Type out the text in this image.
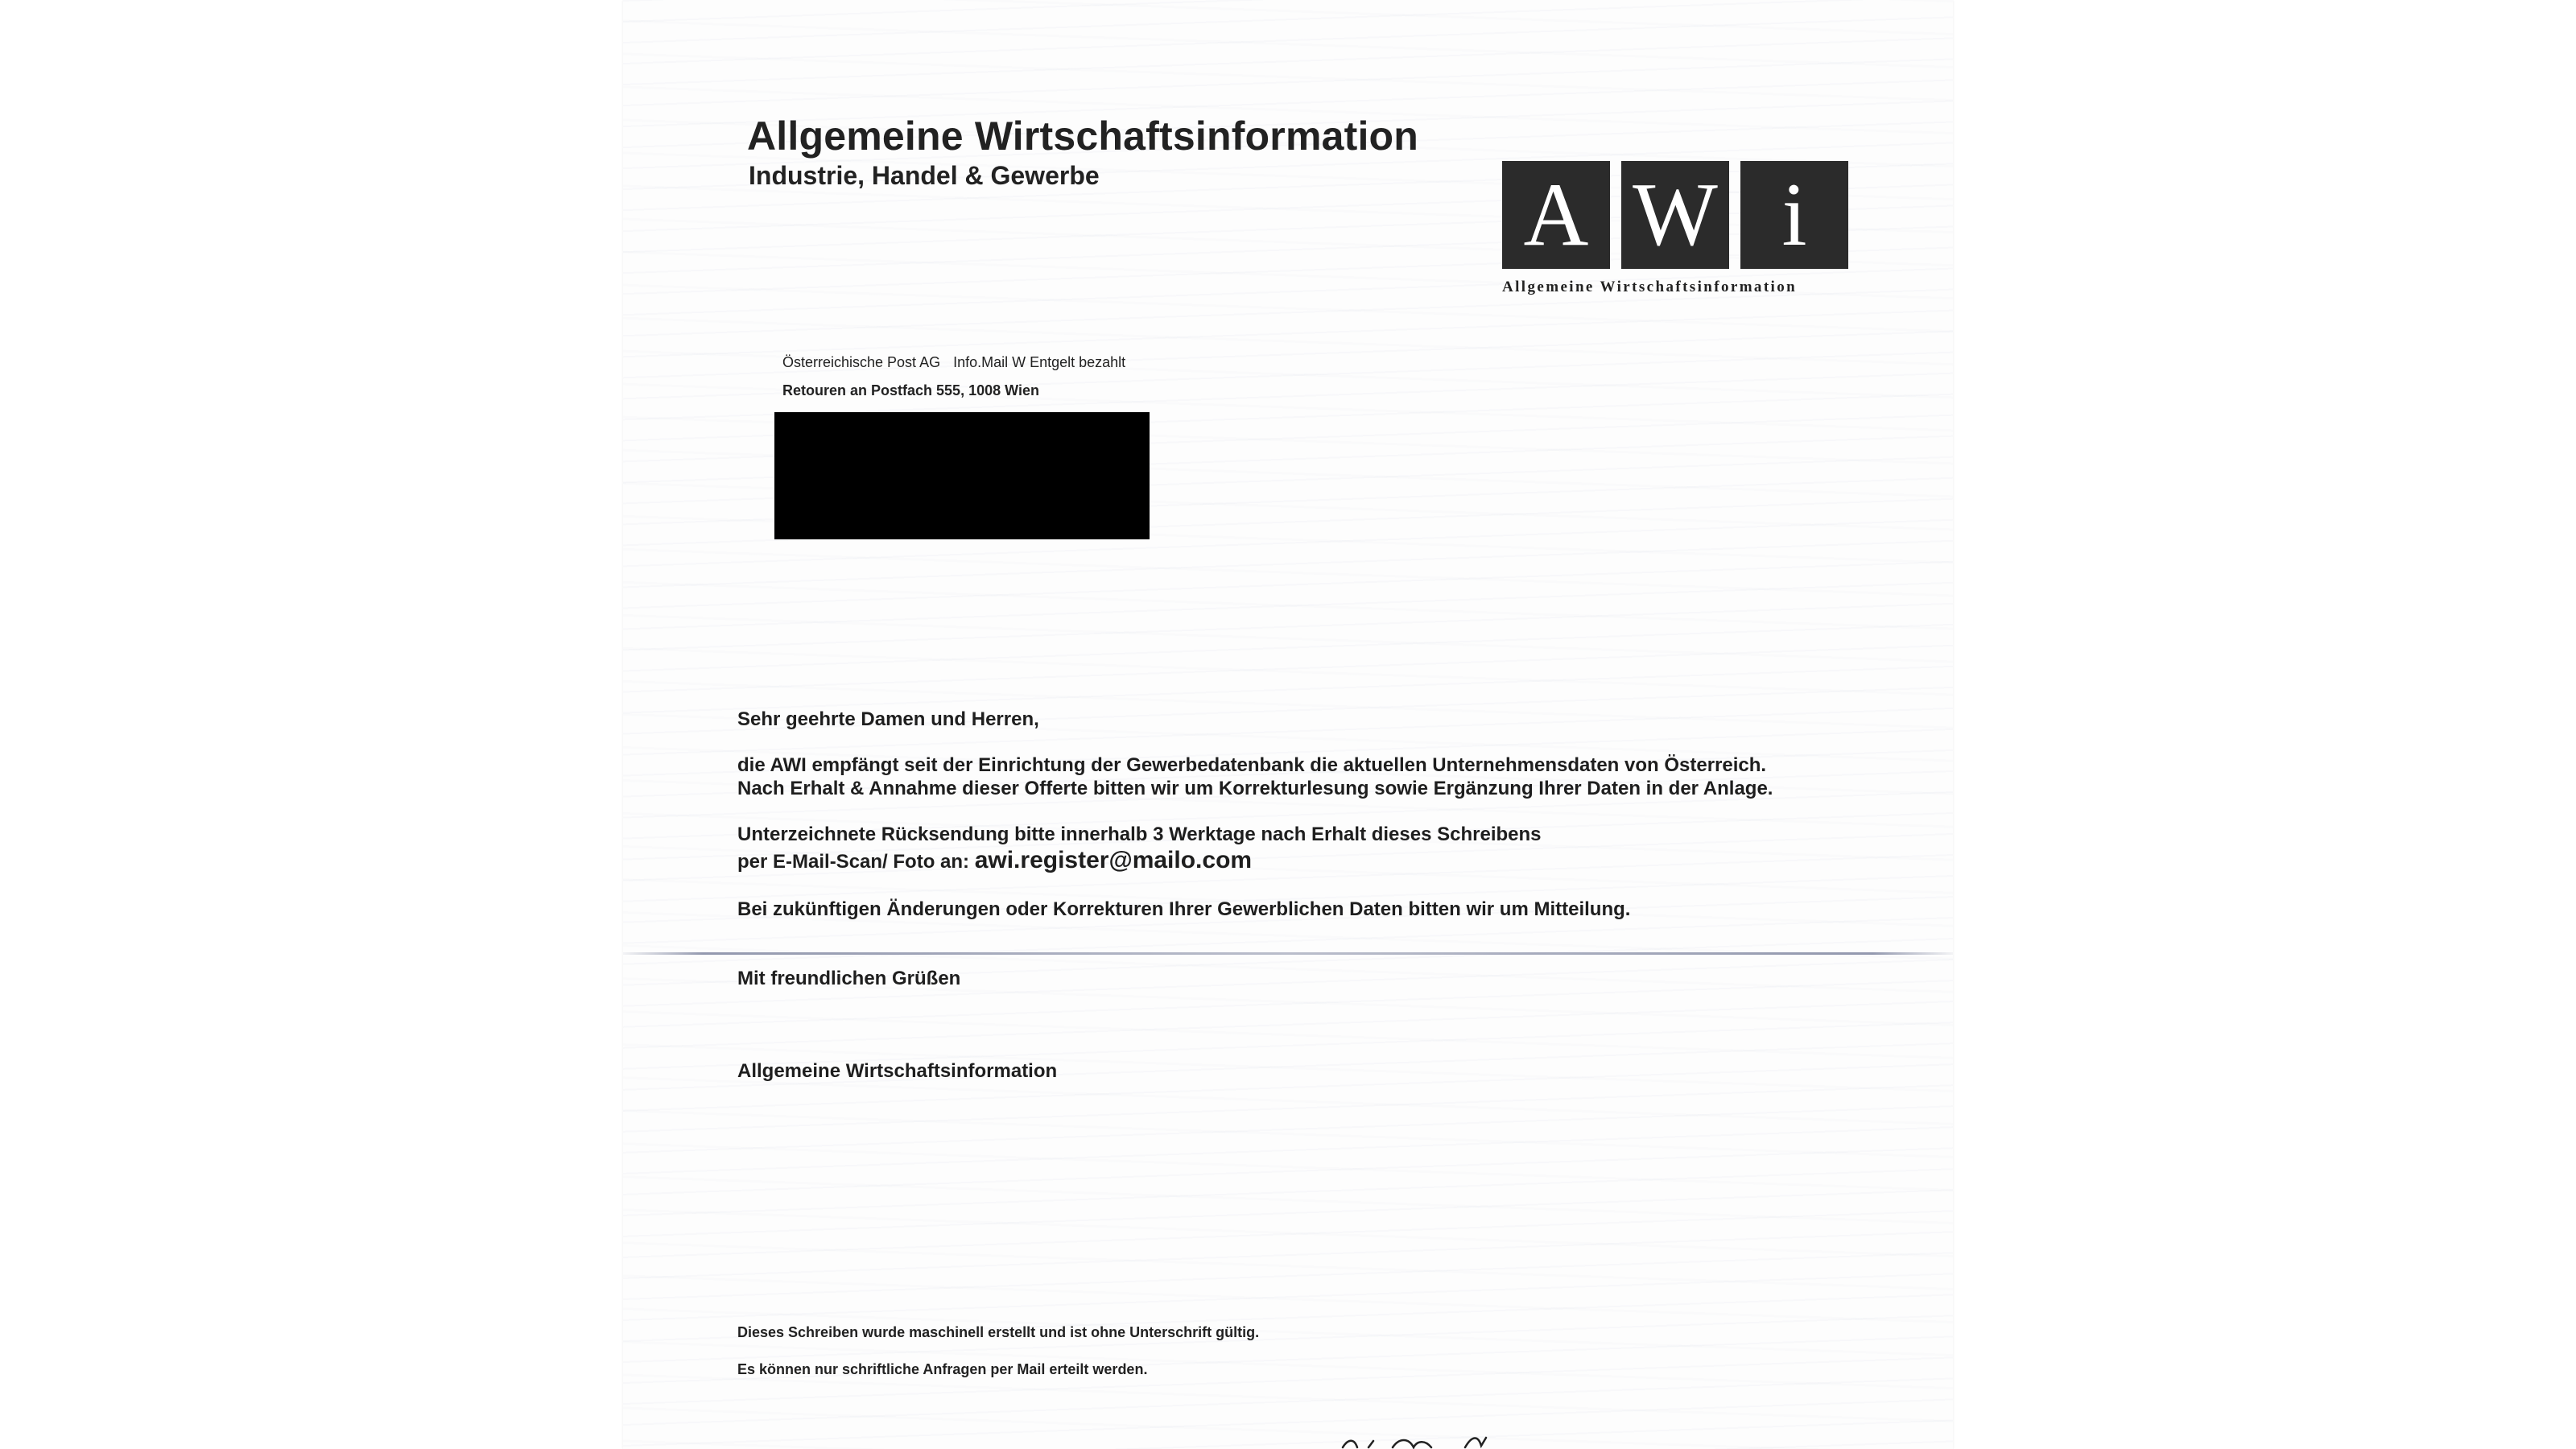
Allgemeine Wirtschaftsinformation
Industrie, Handel & Gewerbe	A W i
Allgemeine Wirtschaftsinformation
Österreichische Post AG Info.Mail W Entgelt bezahlt
Retouren an Postfach 555, 1008 Wien
Sehr geehrte Damen und Herren,
die AWI empfängt seit der Einrichtung der Gewerbedatenbank die aktuellen Unternehmensdaten von Österreich.
Nach Erhalt & Annahme dieser Offerte bitten wir um Korrekturlesung sowie Ergänzung Ihrer Daten in der Anlage.
Unterzeichnete Rücksendung bitte innerhalb 3 Werktage nach Erhalt dieses Schreibens
per E-Mail-Scan/ Foto an: awi.register@mailo.com
Bei zukünftigen Änderungen oder Korrekturen Ihrer Gewerblichen Daten bitten wir um Mitteilung.
Mit freundlichen Grüßen
Allgemeine Wirtschaftsinformation
Dieses Schreiben wurde maschinell erstellt und ist ohne Unterschrift gültig.
Es können nur schriftliche Anfragen per Mail erteilt werden.
